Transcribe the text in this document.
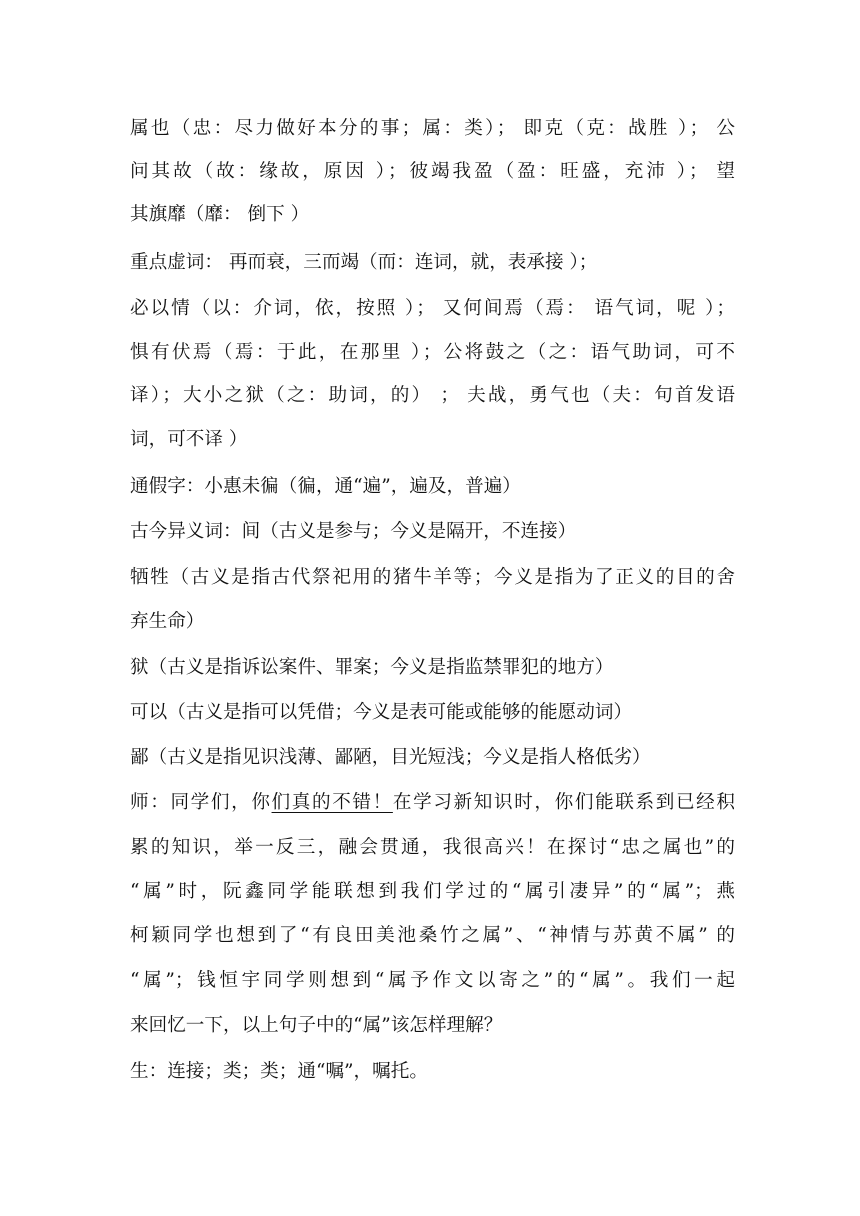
属也（忠：尽力做好本分的事；属：类）； 即克（克：战胜 ）； 公
问其故（故：缘故，原因 ）；彼竭我盈（盈：旺盛，充沛 ）； 望
其旗靡（靡： 倒下 ）
重点虚词： 再而衰，三而竭（而：连词，就，表承接 ）；
必以情（以：介词，依，按照 ）； 又何间焉（焉： 语气词，呢 ）；
惧有伏焉（焉：于此，在那里 ）；公将鼓之（之：语气助词，可不
译）；大小之狱（之：助词，的） ； 夫战，勇气也（夫：句首发语
词，可不译 ）
通假字：小惠未徧（徧，通“遍”，遍及，普遍）
古今异义词：间（古义是参与；今义是隔开，不连接）
牺牲（古义是指古代祭祀用的猪牛羊等；今义是指为了正义的目的舍
弃生命）
狱（古义是指诉讼案件、罪案；今义是指监禁罪犯的地方）
可以（古义是指可以凭借；今义是表可能或能够的能愿动词）
鄙（古义是指见识浅薄、鄙陋，目光短浅；今义是指人格低劣）
师：同学们，你们真的不错！在学习新知识时，你们能联系到已经积
累的知识，举一反三，融会贯通，我很高兴！在探讨“忠之属也”的
“属”时，阮鑫同学能联想到我们学过的“属引凄异”的“属”；燕
柯颖同学也想到了“有良田美池桑竹之属”、“神情与苏黄不属” 的
“属”；钱恒宇同学则想到“属予作文以寄之”的“属”。我们一起
来回忆一下，以上句子中的“属”该怎样理解？
生：连接；类；类；通“嘱”，嘱托。
